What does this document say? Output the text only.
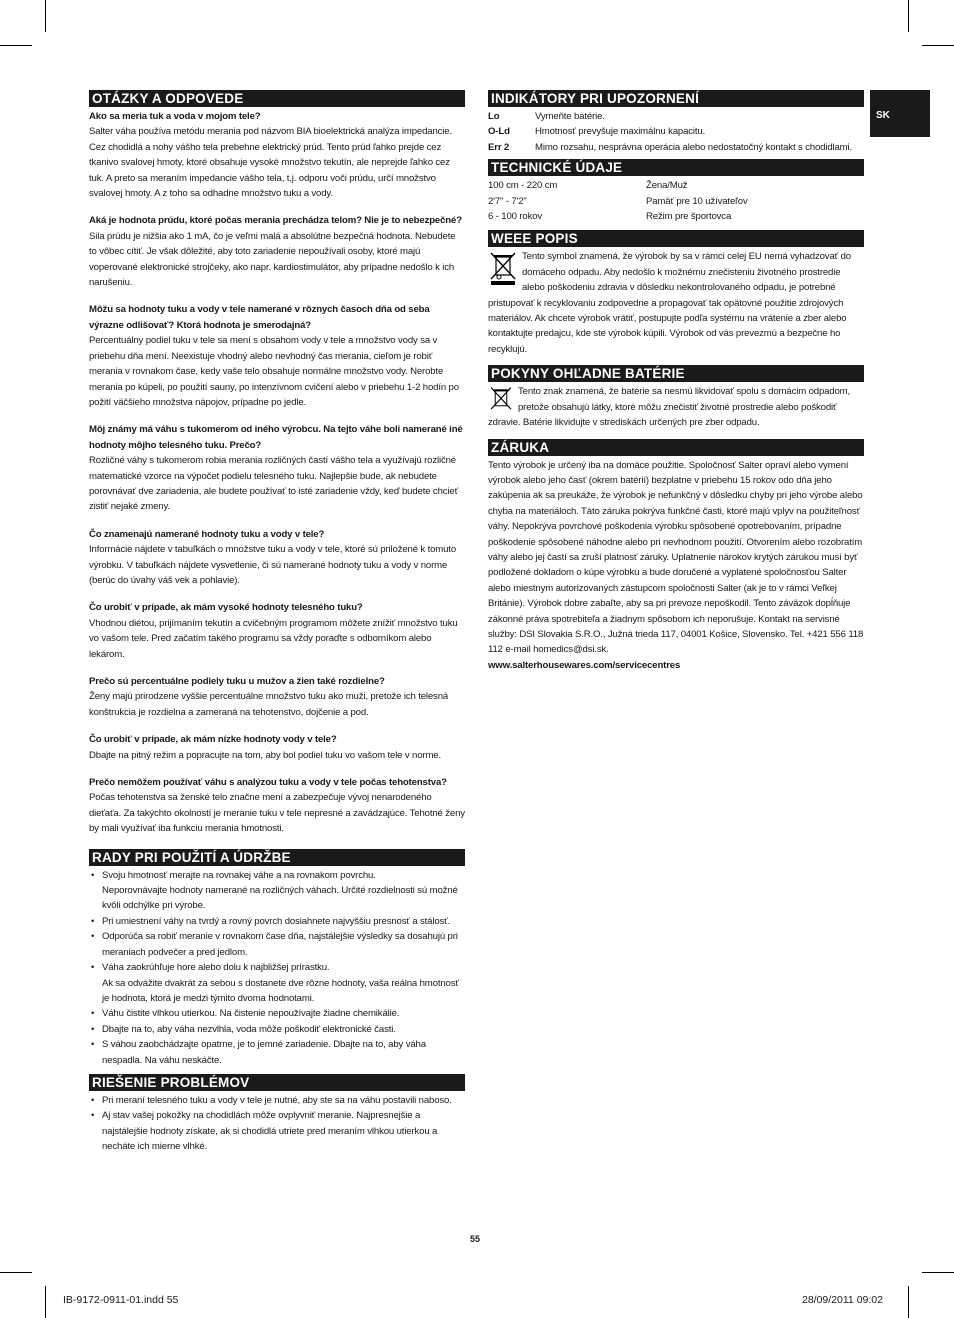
SK
OTÁZKY A ODPOVEDE
Ako sa meria tuk a voda v mojom tele?
Salter váha používa metódu merania pod názvom BIA bioelektrická analýza impedancie. Cez chodidlá a nohy vášho tela prebehne elektrický prúd. Tento prúd ľahko prejde cez tkanivo svalovej hmoty, ktoré obsahuje vysoké množstvo tekutín, ale neprejde ľahko cez tuk. A preto sa meraním impedancie vášho tela, t.j. odporu voči prúdu, určí množstvo svalovej hmoty. A z toho sa odhadne množstvo tuku a vody.
Aká je hodnota prúdu, ktoré počas merania prechádza telom? Nie je to nebezpečné?
Sila prúdu je nižšia ako 1 mA, čo je veľmi malá a absolútne bezpečná hodnota. Nebudete to vôbec cítiť. Je však dôležité, aby toto zariadenie nepoužívali osoby, ktoré majú voperované elektronické strojčeky, ako napr. kardiostimulátor, aby prípadne nedošlo k ich narušeniu.
Môžu sa hodnoty tuku a vody v tele namerané v rôznych časoch dňa od seba výrazne odlišovať? Ktorá hodnota je smerodajná?
Percentuálny podiel tuku v tele sa mení s obsahom vody v tele a množstvo vody sa v priebehu dňa mení. Neexistuje vhodný alebo nevhodný čas merania, cieľom je robiť merania v rovnakom čase, kedy vaše telo obsahuje normálne množstvo vody. Nerobte merania po kúpeli, po použití sauny, po intenzívnom cvičení alebo v priebehu 1-2 hodín po požití väčšieho množstva nápojov, prípadne po jedle.
Môj známy má váhu s tukomerom od iného výrobcu. Na tejto váhe boli namerané iné hodnoty môjho telesného tuku. Prečo?
Rozličné váhy s tukomerom robia merania rozličných častí vášho tela a využívajú rozličné matematické vzorce na výpočet podielu telesného tuku. Najlepšie bude, ak nebudete porovnávať dve zariadenia, ale budete používať to isté zariadenie vždy, keď budete chcieť zistiť nejaké zmeny.
Čo znamenajú namerané hodnoty tuku a vody v tele?
Informácie nájdete v tabuľkách o množstve tuku a vody v tele, ktoré sú priložené k tomuto výrobku. V tabuľkách nájdete vysvetlenie, či sú namerané hodnoty tuku a vody v norme (berúc do úvahy váš vek a pohlavie).
Čo urobiť v prípade, ak mám vysoké hodnoty telesného tuku?
Vhodnou diétou, prijímaním tekutín a cvičebným programom môžete znížiť množstvo tuku vo vašom tele. Pred začatím takého programu sa vždy poraďte s odborníkom alebo lekárom.
Prečo sú percentuálne podiely tuku u mužov a žien také rozdielne?
Ženy majú prirodzene vyššie percentuálne množstvo tuku ako muži, pretože ich telesná konštrukcia je rozdielna a zameraná na tehotenstvo, dojčenie a pod.
Čo urobiť v prípade, ak mám nízke hodnoty vody v tele?
Dbajte na pitný režim a popracujte na tom, aby bol podiel tuku vo vašom tele v norme.
Prečo nemôžem používať váhu s analýzou tuku a vody v tele počas tehotenstva?
Počas tehotenstva sa ženské telo značne mení a zabezpečuje vývoj nenarodeného dieťaťa. Za takýchto okolností je meranie tuku v tele nepresné a zavádzajúce. Tehotné ženy by mali využívať iba funkciu merania hmotnosti.
RADY PRI POUŽITÍ A ÚDRŽBE
• Svoju hmotnosť merajte na rovnakej váhe a na rovnakom povrchu.
Neporovnávajte hodnoty namerané na rozličných váhach. Určité rozdielnosti sú možné kvôli odchýlke pri výrobe.
• Pri umiestnení váhy na tvrdý a rovný povrch dosiahnete najvyššiu presnosť a stálosť.
• Odporúča sa robiť meranie v rovnakom čase dňa, najstálejšie výsledky sa dosahujú pri meraniach podvečer a pred jedlom.
• Váha zaokrúhľuje hore alebo dolu k najbližšej prírastku.
Ak sa odvážite dvakrát za sebou s dostanete dve rôzne hodnoty, vaša reálna hmotnosť je hodnota, ktorá je medzi týmito dvoma hodnotami.
• Váhu čistite vlhkou utierkou. Na čistenie nepoužívajte žiadne chemikálie.
• Dbajte na to, aby váha nezvlhla, voda môže poškodiť elektronické časti.
• S váhou zaobchádzajte opatrne, je to jemné zariadenie. Dbajte na to, aby váha nespadla. Na váhu neskáčte.
RIEŠENIE PROBLÉMOV
• Pri meraní telesného tuku a vody v tele je nutné, aby ste sa na váhu postavili naboso.
• Aj stav vašej pokožky na chodidlách môže ovplyvniť meranie. Najpresnejšie a najstálejšie hodnoty získate, ak si chodidlá utriete pred meraním vlhkou utierkou a necháte ich mierne vlhké.
INDIKÁTORY PRI UPOZORNENÍ
Lo	Vymeňte batérie.
O-Ld	Hmotnosť prevyšuje maximálnu kapacitu.
Err 2	Mimo rozsahu, nesprávna operácia alebo nedostatočný kontakt s chodidlami.
TECHNICKÉ ÚDAJE
100 cm - 220 cm	Žena/Muž
2'7" - 7'2"	Pamäť pre 10 užívateľov
6 - 100 rokov	Režim pre športovca
WEEE POPIS
Tento symbol znamená, že výrobok by sa v rámci celej EU nemá vyhadzovať do domáceho odpadu. Aby nedošlo k možnému znečisteniu životného prostredie alebo poškodeniu zdravia v dôsledku nekontrolovaného odpadu, je potrebné pristupovať k recyklovaniu zodpovedne a propagovať tak opätovné použitie zdrojových materiálov. Ak chcete výrobok vrátiť, postupujte podľa systému na vrátenie a zber alebo kontaktujte predajcu, kde ste výrobok kúpili. Výrobok od vás prevezmú a bezpečne ho recyklujú.
POKYNY OHĽADNE BATÉRIE
Tento znak znamená, že batérie sa nesmú likvidovať spolu s domácim odpadom, pretože obsahujú látky, ktoré môžu znečistiť životné prostredie alebo poškodiť zdravie. Batérie likvidujte v strediskách určených pre zber odpadu.
ZÁRUKA
Tento výrobok je určený iba na domáce použitie. Spoločnosť Salter opraví alebo vymení výrobok alebo jeho časť (okrem batérií) bezplatne v priebehu 15 rokov odo dňa jeho zakúpenia ak sa preukáže, že výrobok je nefunkčný v dôsledku chyby pri jeho výrobe alebo chyba na materiáloch. Táto záruka pokrýva funkčné časti, ktoré majú vplyv na použiteľnosť váhy. Nepokrýva povrchové poškodenia výrobku spôsobené opotrebovaním, prípadne poškodenie spôsobené náhodne alebo pri nevhodnom použití. Otvorením alebo rozobratím váhy alebo jej častí sa zruší platnosť záruky. Uplatnenie nárokov krytých zárukou musí byť podložené dokladom o kúpe výrobku a bude doručené a vyplatené spoločnosťou Salter alebo miestnym autorizovaných zástupcom spoločnosti Salter (ak je to v rámci Veľkej Británie). Výrobok dobre zabaľte, aby sa pri prevoze nepoškodil. Tento záväzok dopĺňuje zákonné práva spotrebiteľa a žiadnym spôsobom ich neporušuje. Kontakt na servisné služby: DSI Slovakia S.R.O., Južná trieda 117, 04001 Košice, Slovensko. Tel. +421 556 118 112 e-mail homedics@dsi.sk.
www.salterhousewares.com/servicecentres
55
IB-9172-0911-01.indd 55	28/09/2011 09:02
